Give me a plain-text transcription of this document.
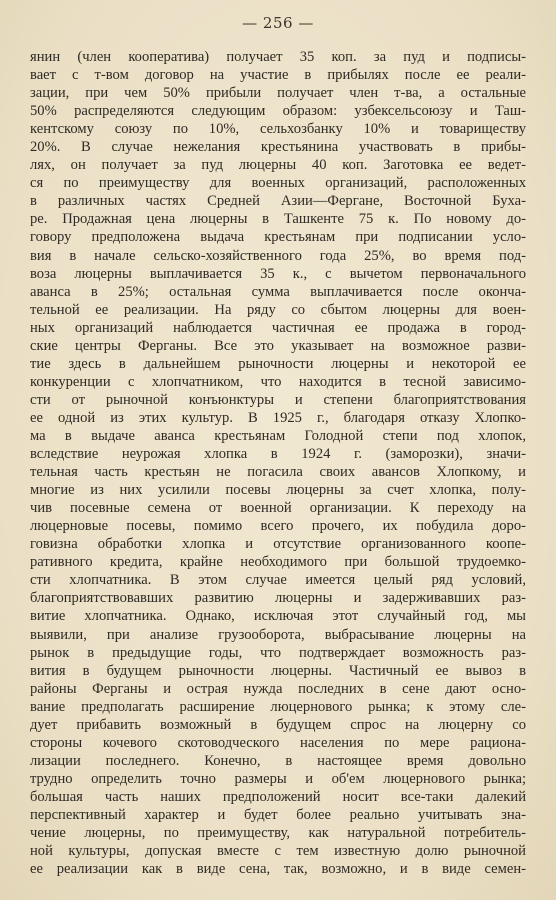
— 256 —
янин (член кооператива) получает 35 коп. за пуд и подписы-
вает с т-вом договор на участие в прибылях после ее реали-
зации, при чем 50% прибыли получает член т-ва, а остальные
50% распределяются следующим образом: узбексельсоюзу и Таш-
кентскому союзу по 10%, сельхозбанку 10% и товариществу
20%. В случае нежелания крестьянина участвовать в прибы-
лях, он получает за пуд люцерны 40 коп. Заготовка ее ведет-
ся по преимуществу для военных организаций, расположенных
в различных частях Средней Азии—Фергане, Восточной Буха-
ре. Продажная цена люцерны в Ташкенте 75 к. По новому до-
говору предположена выдача крестьянам при подписании усло-
вия в начале сельско-хозяйственного года 25%, во время под-
воза люцерны выплачивается 35 к., с вычетом первоначального
аванса в 25%; остальная сумма выплачивается после оконча-
тельной ее реализации. На ряду со сбытом люцерны для воен-
ных организаций наблюдается частичная ее продажа в город-
ские центры Ферганы. Все это указывает на возможное разви-
тие здесь в дальнейшем рыночности люцерны и некоторой ее
конкуренции с хлопчатником, что находится в тесной зависимо-
сти от рыночной конъюнктуры и степени благоприятствования
ее одной из этих культур. В 1925 г., благодаря отказу Хлопко-
ма в выдаче аванса крестьянам Голодной степи под хлопок,
вследствие неурожая хлопка в 1924 г. (заморозки), значи-
тельная часть крестьян не погасила своих авансов Хлопкому, и
многие из них усилили посевы люцерны за счет хлопка, полу-
чив посевные семена от военной организации. К переходу на
люцерновые посевы, помимо всего прочего, их побудила доро-
говизна обработки хлопка и отсутствие организованного коопе-
ративного кредита, крайне необходимого при большой трудоемко-
сти хлопчатника. В этом случае имеется целый ряд условий,
благоприятствовавших развитию люцерны и задерживавших раз-
витие хлопчатника. Однако, исключая этот случайный год, мы
выявили, при анализе грузооборота, выбрасывание люцерны на
рынок в предыдущие годы, что подтверждает возможность раз-
вития в будущем рыночности люцерны. Частичный ее вывоз в
районы Ферганы и острая нужда последних в сене дают осно-
вание предполагать расширение люцернового рынка; к этому сле-
дует прибавить возможный в будущем спрос на люцерну со
стороны кочевого скотоводческого населения по мере рационa-
лизации последнего. Конечно, в настоящее время довольно
трудно определить точно размеры и об'ем люцернового рынка;
большая часть наших предположений носит все-таки далекий
перспективный характер и будет более реально учитывать зна-
чение люцерны, по преимуществу, как натуральной потребитель-
ной культуры, допуская вместе с тем известную долю рыночной
ее реализации как в виде сена, так, возможно, и в виде семен-
